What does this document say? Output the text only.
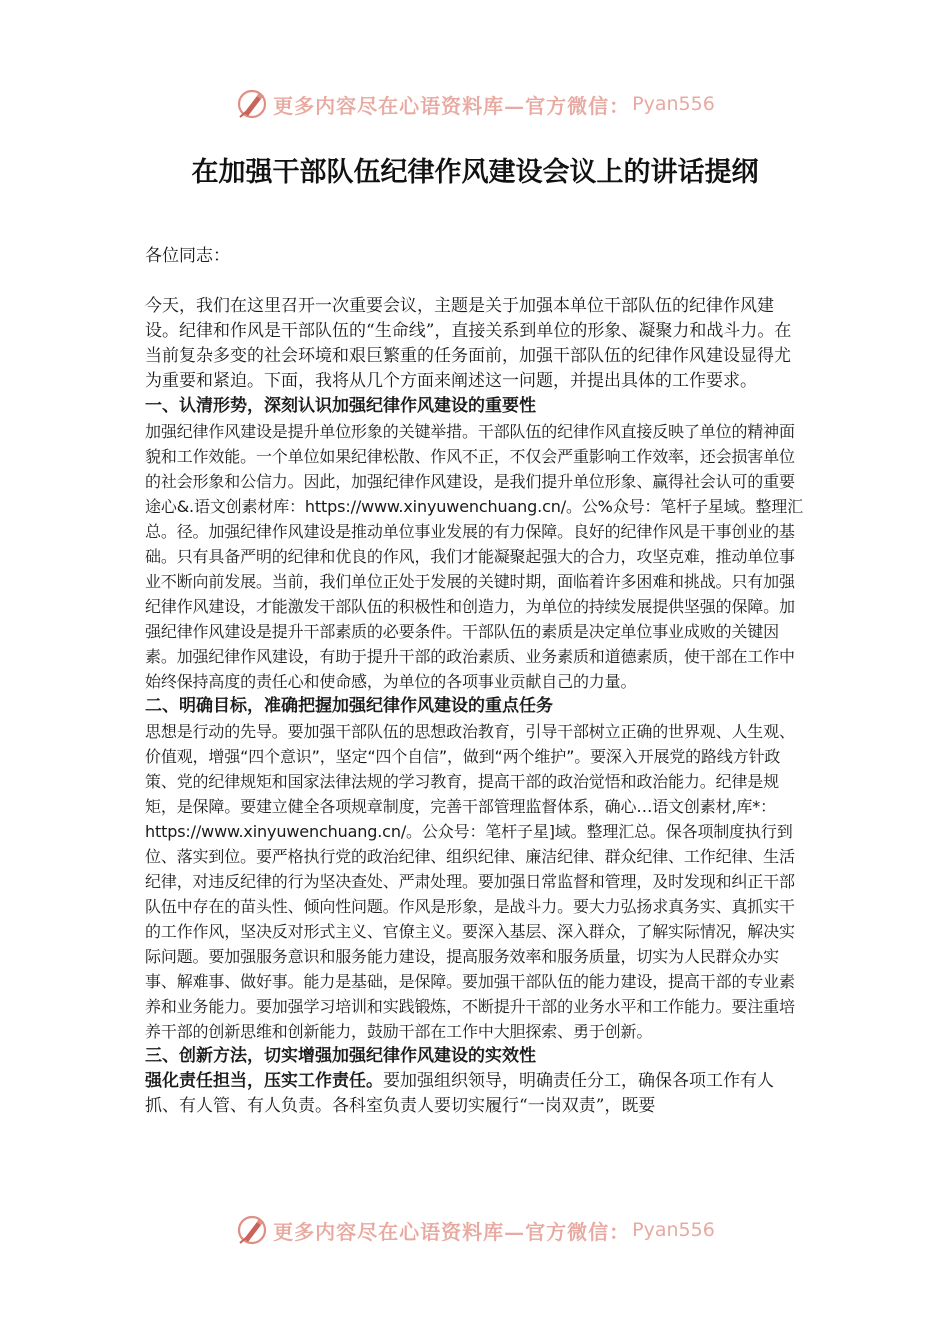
更多内容尽在心语资料库—官方微信： Pyan556
在加强干部队伍纪律作风建设会议上的讲话提纲

各位同志：

今天，我们在这里召开一次重要会议，主题是关于加强本单位干部队伍的纪律作风建设。纪律和作风是干部队伍的“生命线”，直接关系到单位的形象、凝聚力和战斗力。在当前复杂多变的社会环境和艰巨繁重的任务面前，加强干部队伍的纪律作风建设显得尤为重要和紧迫。下面，我将从几个方面来阐述这一问题，并提出具体的工作要求。

一、认清形势，深刻认识加强纪律作风建设的重要性

加强纪律作风建设是提升单位形象的关键举措。干部队伍的纪律作风直接反映了单位的精神面貌和工作效能。一个单位如果纪律松散、作风不正，不仅会严重影响工作效率，还会损害单位的社会形象和公信力。因此，加强纪律作风建设，是我们提升单位形象、赢得社会认可的重要途心&.语文创素材库：https://www.xinyuwenchuang.cn/。公%众号：笔杆子星域。整理汇总。径。加强纪律作风建设是推动单位事业发展的有力保障。良好的纪律作风是干事创业的基础。只有具备严明的纪律和优良的作风，我们才能凝聚起强大的合力，攻坚克难，推动单位事业不断向前发展。当前，我们单位正处于发展的关键时期，面临着许多困难和挑战。只有加强纪律作风建设，才能激发干部队伍的积极性和创造力，为单位的持续发展提供坚强的保障。加强纪律作风建设是提升干部素质的必要条件。干部队伍的素质是决定单位事业成败的关键因素。加强纪律作风建设，有助于提升干部的政治素质、业务素质和道德素质，使干部在工作中始终保持高度的责任心和使命感，为单位的各项事业贡献自己的力量。

二、明确目标，准确把握加强纪律作风建设的重点任务

思想是行动的先导。要加强干部队伍的思想政治教育，引导干部树立正确的世界观、人生观、价值观，增强“四个意识”，坚定“四个自信”，做到“两个维护”。要深入开展党的路线方针政策、党的纪律规矩和国家法律法规的学习教育，提高干部的政治觉悟和政治能力。纪律是规矩，是保障。要建立健全各项规章制度，完善干部管理监督体系，确心…语文创素材,库*：https://www.xinyuwenchuang.cn/。公众号：笔杆子星]域。整理汇总。保各项制度执行到位、落实到位。要严格执行党的政治纪律、组织纪律、廉洁纪律、群众纪律、工作纪律、生活纪律，对违反纪律的行为坚决查处、严肃处理。要加强日常监督和管理，及时发现和纠正干部队伍中存在的苗头性、倾向性问题。作风是形象，是战斗力。要大力弘扬求真务实、真抓实干的工作作风，坚决反对形式主义、官僚主义。要深入基层、深入群众，了解实际情况，解决实际问题。要加强服务意识和服务能力建设，提高服务效率和服务质量，切实为人民群众办实事、解难事、做好事。能力是基础，是保障。要加强干部队伍的能力建设，提高干部的专业素养和业务能力。要加强学习培训和实践锻炼，不断提升干部的业务水平和工作能力。要注重培养干部的创新思维和创新能力，鼓励干部在工作中大胆探索、勇于创新。

三、创新方法，切实增强加强纪律作风建设的实效性

强化责任担当，压实工作责任。要加强组织领导，明确责任分工，确保各项工作有人抓、有人管、有人负责。各科室负责人要切实履行“一岗双责”，既要

更多内容尽在心语资料库—官方微信： Pyan556
